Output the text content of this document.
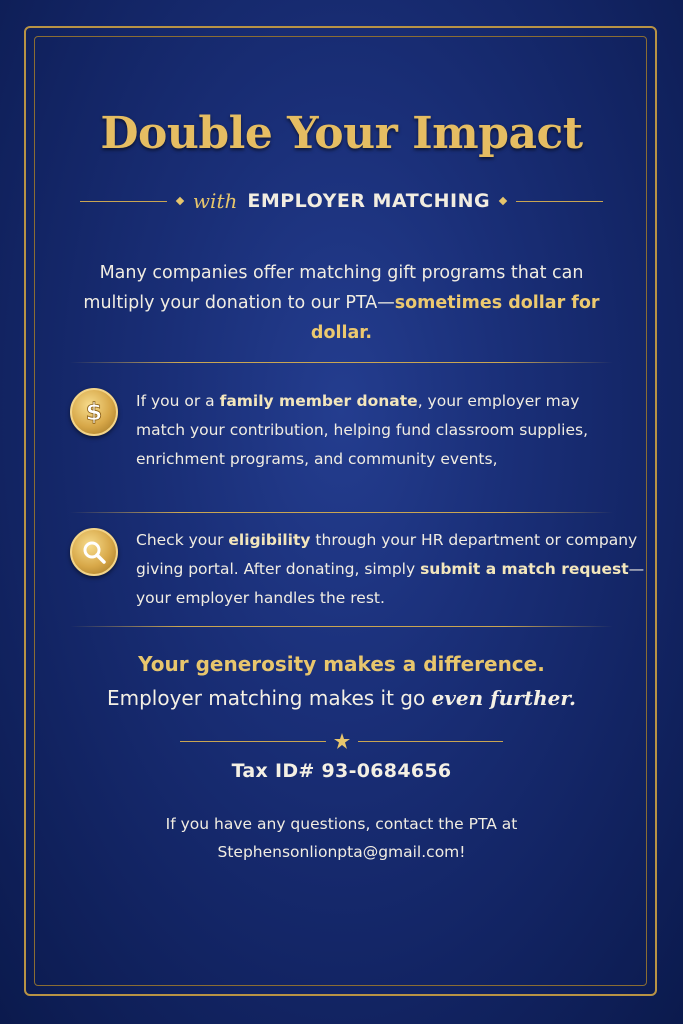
Double Your Impact
with EMPLOYER MATCHING
Many companies offer matching gift programs that can multiply your donation to our PTA—sometimes dollar for dollar.
$ If you or a family member donate, your employer may match your contribution, helping fund classroom supplies, enrichment programs, and community events,
Check your eligibility through your HR department or company giving portal. After donating, simply submit a match request—your employer handles the rest.
Your generosity makes a difference.
Employer matching makes it go even further.
Tax ID# 93-0684656
If you have any questions, contact the PTA at
Stephensonlionpta@gmail.com!
